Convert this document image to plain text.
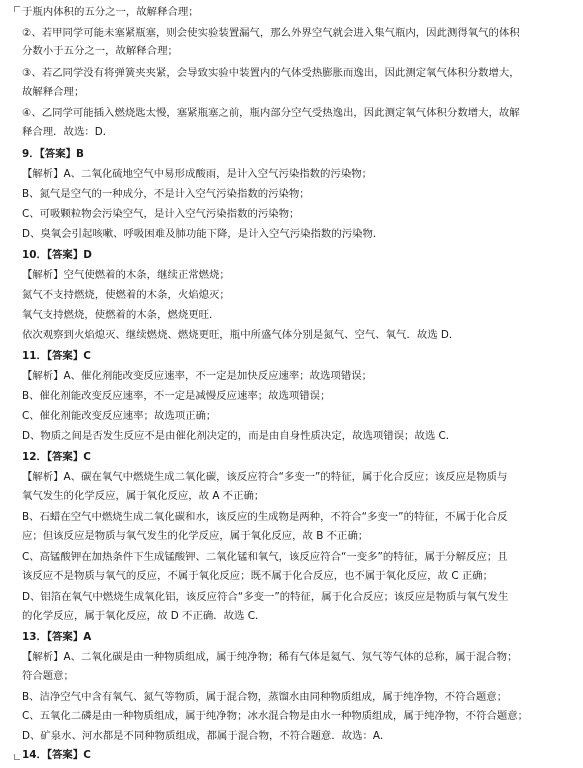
于瓶内体积的五分之一，故解释合理；
②、若甲同学可能未塞紧瓶塞，则会使实验装置漏气，那么外界空气就会进入集气瓶内，因此测得氧气的体积
分数小于五分之一，故解释合理；
③、若乙同学没有将弹簧夹夹紧，会导致实验中装置内的气体受热膨胀而逸出，因此测定氧气体积分数增大，
故解释合理；
④、乙同学可能插入燃烧匙太慢，塞紧瓶塞之前，瓶内部分空气受热逸出，因此测定氧气体积分数增大，故解
释合理．故选：D．
9．【答案】B
【解析】A、二氧化硫地空气中易形成酸雨，是计入空气污染指数的污染物；
B、氮气是空气的一种成分，不是计入空气污染指数的污染物；
C、可吸颗粒物会污染空气，是计入空气污染指数的污染物；
D、臭氧会引起咳嗽、呼吸困难及肺功能下降，是计入空气污染指数的污染物．
10．【答案】D
【解析】空气使燃着的木条，继续正常燃烧；
氮气不支持燃烧，使燃着的木条，火焰熄灭；
氧气支持燃烧，使燃着的木条，燃烧更旺．
依次观察到火焰熄灭、继续燃烧、燃烧更旺，瓶中所盛气体分别是氮气、空气、氧气．故选 D．
11．【答案】C
【解析】A、催化剂能改变反应速率，不一定是加快反应速率；故选项错误；
B、催化剂能改变反应速率，不一定是减慢反应速率；故选项错误；
C、催化剂能改变反应速率；故选项正确；
D、物质之间是否发生反应不是由催化剂决定的，而是由自身性质决定，故选项错误；故选 C．
12．【答案】C
【解析】A、碳在氧气中燃烧生成二氧化碳，该反应符合“多变一”的特征，属于化合反应；该反应是物质与
氧气发生的化学反应，属于氧化反应，故 A 不正确；
B、石蜡在空气中燃烧生成二氧化碳和水，该反应的生成物是两种，不符合“多变一”的特征，不属于化合反
应；但该反应是物质与氧气发生的化学反应，属于氧化反应，故 B 不正确；
C、高锰酸钾在加热条件下生成锰酸钾、二氧化锰和氧气，该反应符合“一变多”的特征，属于分解反应；且
该反应不是物质与氧气的反应，不属于氧化反应；既不属于化合反应，也不属于氧化反应，故 C 正确；
D、铝箔在氧气中燃烧生成氧化铝，该反应符合“多变一”的特征，属于化合反应；该反应是物质与氧气发生
的化学反应，属于氧化反应，故 D 不正确．故选 C．
13．【答案】A
【解析】A、二氧化碳是由一种物质组成，属于纯净物；稀有气体是氦气、氖气等气体的总称，属于混合物；
符合题意；
B、洁净空气中含有氧气、氮气等物质，属于混合物，蒸馏水由同种物质组成，属于纯净物，不符合题意；
C、五氧化二磷是由一种物质组成，属于纯净物；冰水混合物是由水一种物质组成，属于纯净物，不符合题意；
D、矿泉水、河水都是不同种物质组成，都属于混合物，不符合题意．故选：A．
14．【答案】C
